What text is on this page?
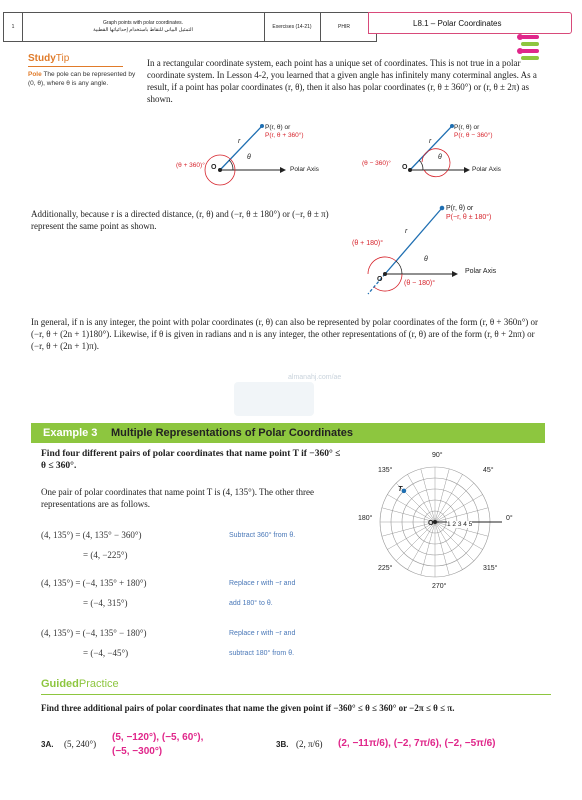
1
Graph points with polar coordinates.
التمثيل البياني للنقاط باستخدام إحداثياتها القطبية
Exercises (14-21)	PHIR	L8.1 – Polar Coordinates
StudyTip
Pole The pole can be represented by (0, θ), where θ is any angle.
In a rectangular coordinate system, each point has a unique set of coordinates. This is not true in a polar coordinate system. In Lesson 4-2, you learned that a given angle has infinitely many coterminal angles. As a result, if a point has polar coordinates (r, θ), then it also has polar coordinates (r, θ ± 360°) or (r, θ ± 2π) as shown.
P(r, θ) or
P(r, θ + 360°)
r
θ
(θ + 360)° O	Polar Axis
P(r, θ) or
P(r, θ − 360°)
r
θ
(θ − 360)°
O	Polar Axis
Additionally, because r is a directed distance, (r, θ) and (−r, θ ± 180°) or (−r, θ ± π) represent the same point as shown.
P(r, θ) or
P(−r, θ ± 180°)
r
θ
(θ + 180)°
(θ − 180)°
O
Polar Axis
In general, if n is any integer, the point with polar coordinates (r, θ) can also be represented by polar coordinates of the form (r, θ + 360n°) or (−r, θ + (2n + 1)180°). Likewise, if θ is given in radians and n is any integer, the other representations of (r, θ) are of the form (r, θ + 2nπ) or (−r, θ + (2n + 1)π).
almanahj.com/ae
Example 3 Multiple Representations of Polar Coordinates
Find four different pairs of polar coordinates that name point T if −360° ≤ θ ≤ 360°.
One pair of polar coordinates that name point T is (4, 135°). The other three representations are as follows.
(4, 135°) = (4, 135° − 360°)
= (4, −225°)
Subtract 360° from θ.
(4, 135°) = (−4, 135° + 180°)
= (−4, 315°)
Replace r with −r and
add 180° to θ.
(4, 135°) = (−4, 135° − 180°)
= (−4, −45°)
Replace r with −r and
subtract 180° from θ.
90°
45°
135°
180°	0°
225°
270°
315°
O 1 2 3 4 5
T
GuidedPractice
Find three additional pairs of polar coordinates that name the given point if −360° ≤ θ ≤ 360° or −2π ≤ θ ≤ π.
3A. (5, 240°)
(5, −120°), (−5, 60°),
(−5, −300°)
3B. (2, π/6) (2, −11π/6), (−2, 7π/6), (−2, −5π/6)
